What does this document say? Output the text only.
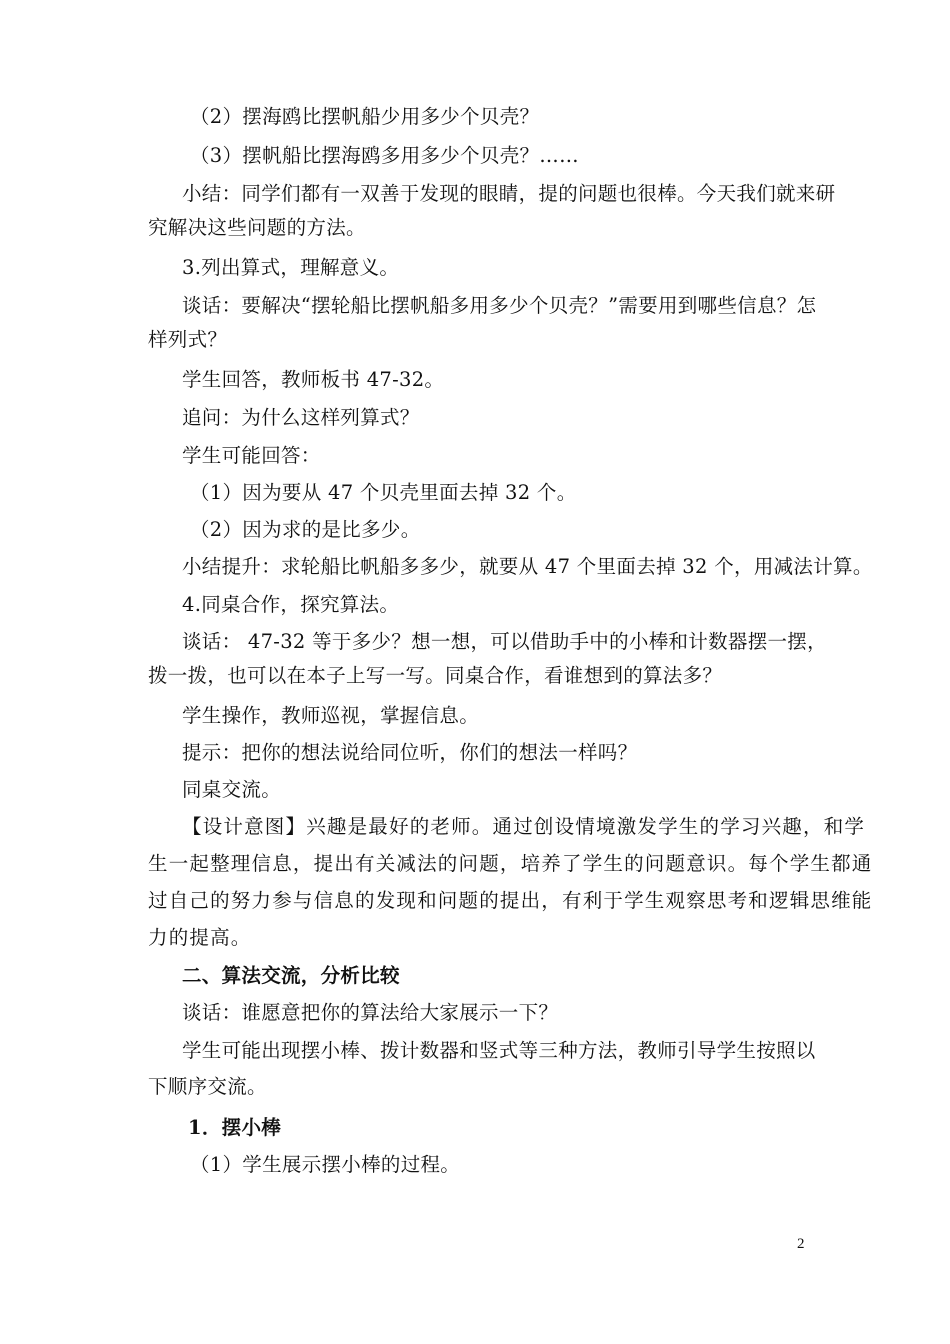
（2）摆海鸥比摆帆船少用多少个贝壳？
（3）摆帆船比摆海鸥多用多少个贝壳？……
小结：同学们都有一双善于发现的眼睛，提的问题也很棒。今天我们就来研
究解决这些问题的方法。
3.列出算式，理解意义。
谈话：要解决“摆轮船比摆帆船多用多少个贝壳？”需要用到哪些信息？怎
样列式？
学生回答，教师板书 47-32。
追问：为什么这样列算式？
学生可能回答：
（1）因为要从 47 个贝壳里面去掉 32 个。
（2）因为求的是比多少。
小结提升：求轮船比帆船多多少，就要从 47 个里面去掉 32 个，用减法计算。
4.同桌合作，探究算法。
谈话： 47-32 等于多少？想一想，可以借助手中的小棒和计数器摆一摆，
拨一拨，也可以在本子上写一写。同桌合作，看谁想到的算法多？
学生操作，教师巡视，掌握信息。
提示：把你的想法说给同位听，你们的想法一样吗？
同桌交流。
【设计意图】兴趣是最好的老师。通过创设情境激发学生的学习兴趣，和学
生一起整理信息，提出有关减法的问题，培养了学生的问题意识。每个学生都通
过自己的努力参与信息的发现和问题的提出，有利于学生观察思考和逻辑思维能
力的提高。
二、算法交流，分析比较
谈话：谁愿意把你的算法给大家展示一下？
学生可能出现摆小棒、拨计数器和竖式等三种方法，教师引导学生按照以
下顺序交流。
1．摆小棒
（1）学生展示摆小棒的过程。
2
